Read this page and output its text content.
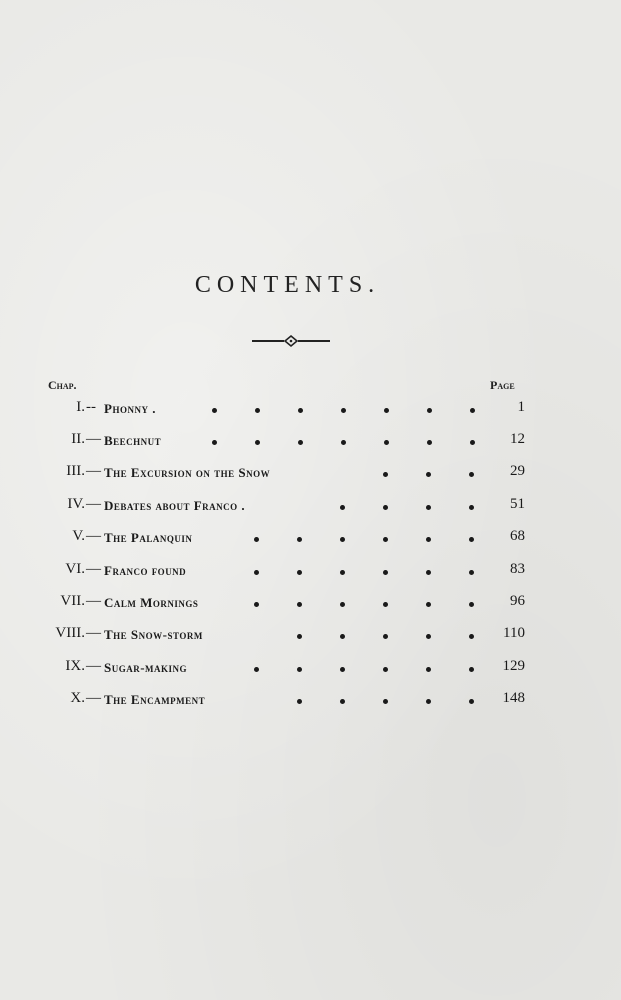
CONTENTS.
Chap.	Page
I. -- Phonny .	1
II. — Beechnut	12
III. — The Excursion on the Snow	29
IV. — Debates about Franco .	51
V. — The Palanquin	68
VI. — Franco found	83
VII. — Calm Mornings	96
VIII. — The Snow-storm	110
IX. — Sugar-making	129
X. — The Encampment	148
